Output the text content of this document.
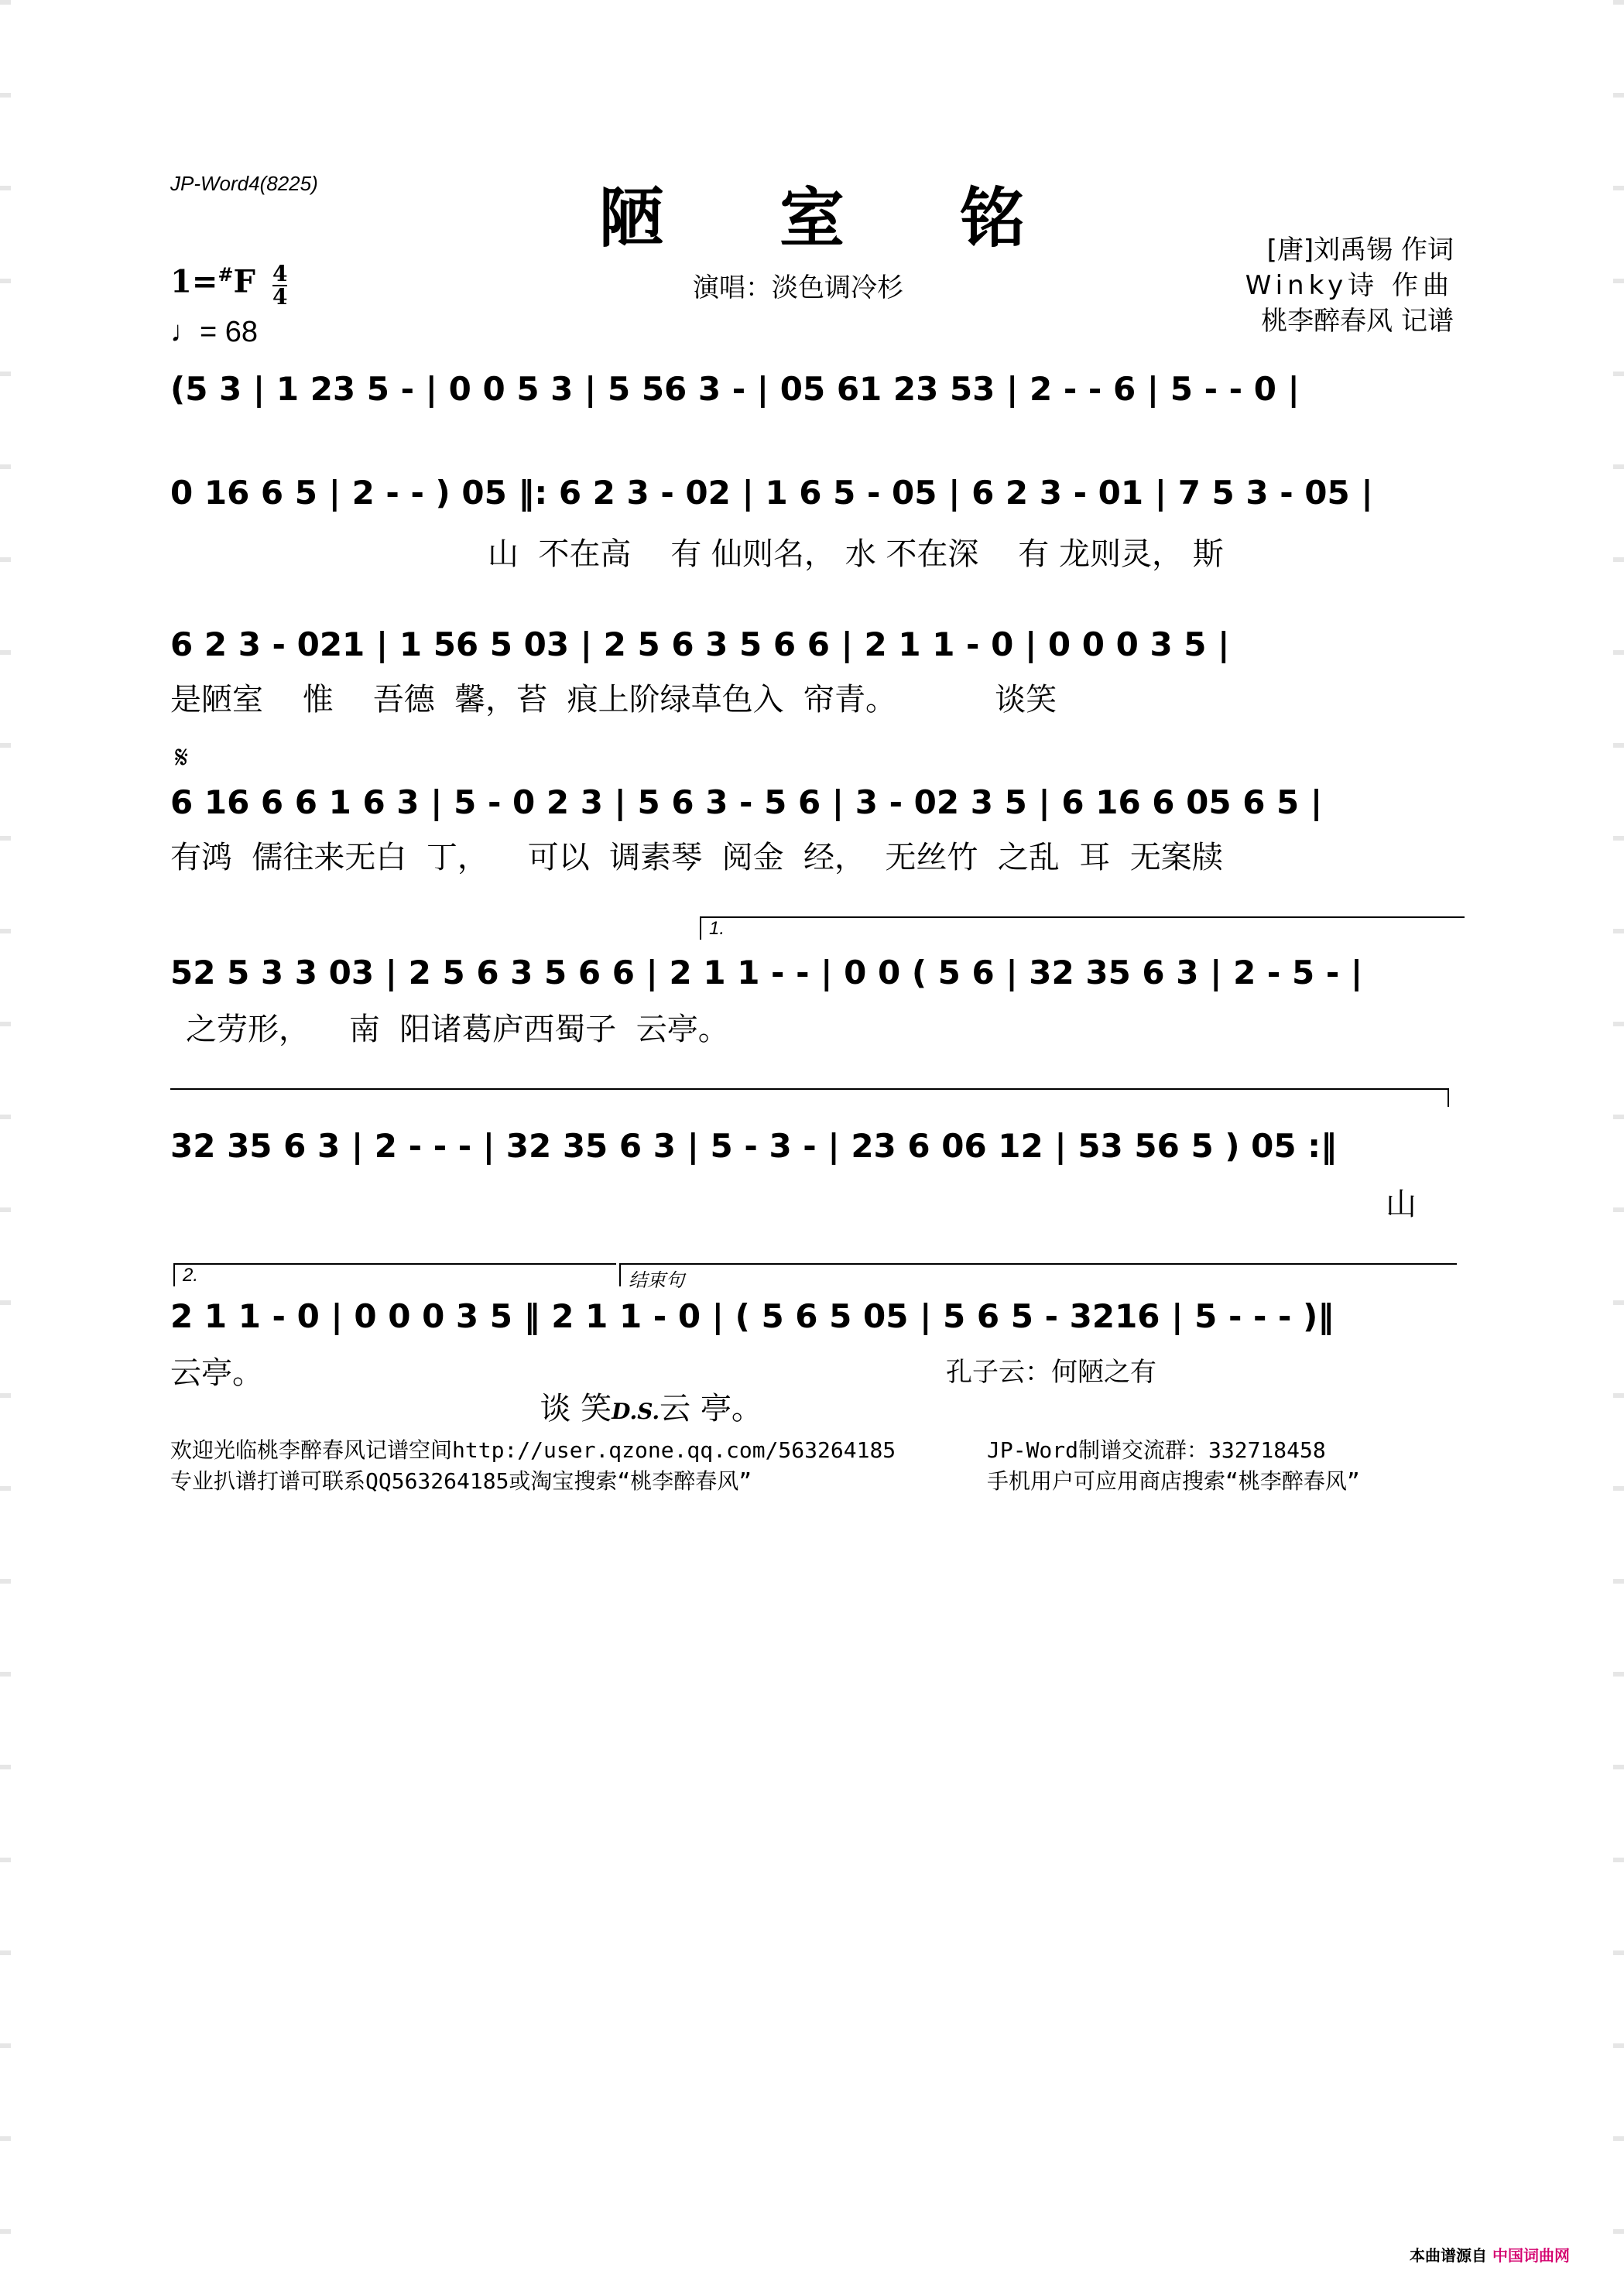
JP-Word4(8225)	陋 室 铭
演唱：淡色调冷杉
[唐]刘禹锡 作词
Winky诗 作曲
桃李醉春风 记谱
1=#F 4
4
♩= 68
(5 3 | 1 23 5 - | 0 0 5 3 | 5 56 3 - | 05 61 23 53 | 2 - - 6 | 5 - - 0 |
0 16 6 5 | 2 - - ) 05 ‖: 6 2 3 - 02 | 1 6 5 - 05 | 6 2 3 - 01 | 7 5 3 - 05 |
山  不在高    有 仙则名， 水 不在深    有 龙则灵， 斯
6 2 3 - 021 | 1 56 5 03 | 2 5 6 3 5 6 6 | 2 1 1 - 0 | 0 0 0 3 5 |
是陋室    惟    吾德  馨，苔  痕上阶绿草色入  帘青。          谈笑
𝄋
6 16 6 6 1 6 3 | 5 - 0 2 3 | 5 6 3 - 5 6 | 3 - 02 3 5 | 6 16 6 05 6 5 |
有鸿  儒往来无白  丁，    可以  调素琴  阅金  经，  无丝竹  之乱  耳  无案牍
1.
52 5 3 3 03 | 2 5 6 3 5 6 6 | 2 1 1 - - | 0 0 ( 5 6 | 32 35 6 3 | 2 - 5 - |
之劳形，    南  阳诸葛庐西蜀子  云亭。
32 35 6 3 | 2 - - - | 32 35 6 3 | 5 - 3 - | 23 6 06 12 | 53 56 5 ) 05 :‖
山
2.	结束句
2 1 1 - 0 | 0 0 0 3 5 ‖ 2 1 1 - 0 | ( 5 6 5 05 | 5 6 5 - 3216 | 5 - - - )‖
云亭。

谈 笑D.S.云 亭。

孔子云：何陋之有
欢迎光临桃李醉春风记谱空间http://user.qzone.qq.com/563264185	JP-Word制谱交流群：332718458
专业扒谱打谱可联系QQ563264185或淘宝搜索“桃李醉春风”	手机用户可应用商店搜索“桃李醉春风”
本曲谱源自 中国词曲网
